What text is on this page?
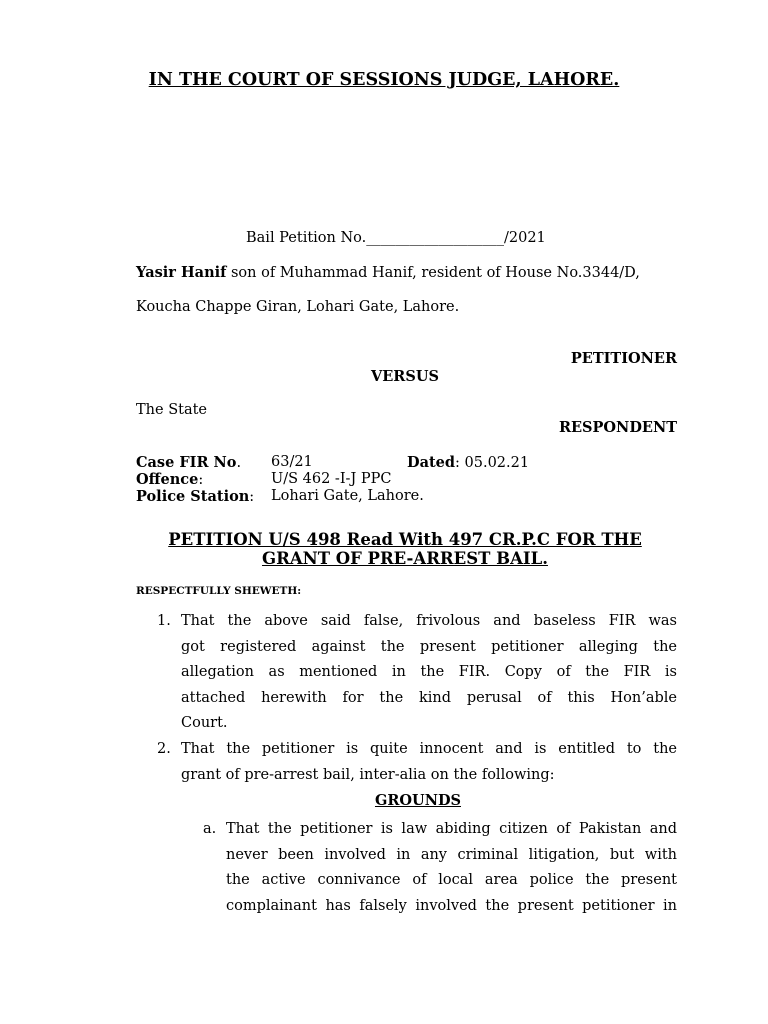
IN THE COURT OF SESSIONS JUDGE, LAHORE.
Bail Petition No.___________________/2021
Yasir Hanif son of Muhammad Hanif, resident of House No.3344/D,
Koucha Chappe Giran, Lohari Gate, Lahore.
PETITIONER
VERSUS
The State
RESPONDENT
Case FIR No. 63/21	Dated: 05.02.21
Offence:	U/S 462 -I-J PPC
Police Station: Lohari Gate, Lahore.
PETITION U/S 498 Read With 497 CR.P.C FOR THE
GRANT OF PRE-ARREST BAIL.
RESPECTFULLY SHEWETH:
1. That the above said false, frivolous and baseless FIR was
got registered against the present petitioner alleging the
allegation as mentioned in the FIR. Copy of the FIR is
attached herewith for the kind perusal of this Hon’able
Court.
2. That the petitioner is quite innocent and is entitled to the
grant of pre-arrest bail, inter-alia on the following:
GROUNDS
a. That the petitioner is law abiding citizen of Pakistan and
never been involved in any criminal litigation, but with
the active connivance of local area police the present
complainant has falsely involved the present petitioner in
